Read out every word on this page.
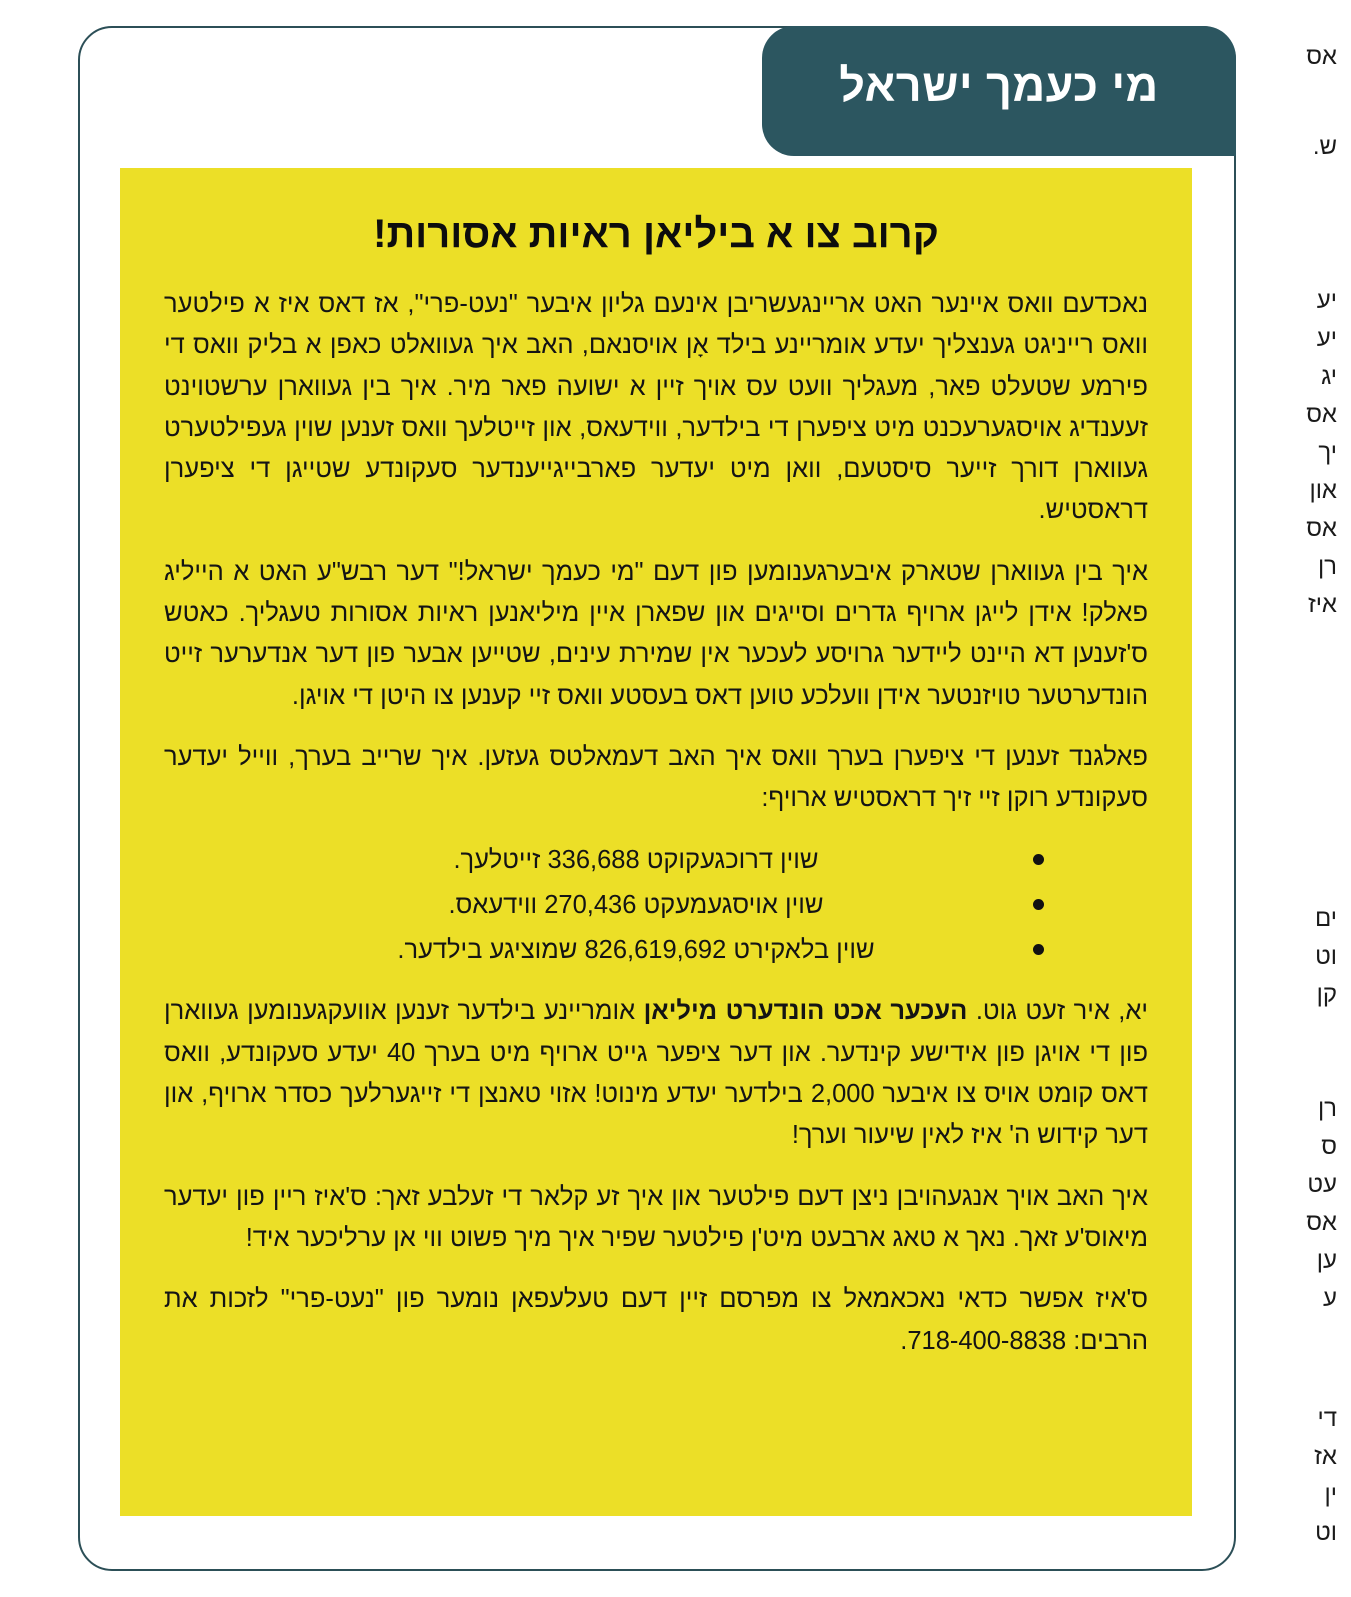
אס
ש.
יע
יע
יג
אס
יך
און
אס
רן
איז
ים
וט
קן
רן
ס
עט
אס
ען
ע
די
אז
ין
וט
מי כעמך ישראל
קרוב צו א ביליאן ראיות אסורות!

נאכדעם וואס איינער האט אריינגעשריבן אינעם גליון איבער "נעט-פרי", אז דאס איז א פילטער וואס רייניגט גענצליך יעדע אומריינע בילד אָן אויסנאם, האב איך געוואלט כאפן א בליק וואס די פירמע שטעלט פאר, מעגליך וועט עס אויך זיין א ישועה פאר מיר. איך בין געווארן ערשטוינט זעענדיג אויסגערעכנט מיט ציפערן די בילדער, ווידעאס, און זייטלעך וואס זענען שוין געפילטערט געווארן דורך זייער סיסטעם, וואן מיט יעדער פארבייגייענדער סעקונדע שטייגן די ציפערן דראסטיש.

איך בין געווארן שטארק איבערגענומען פון דעם "מי כעמך ישראל!" דער רבש"ע האט א הייליג פאלק! אידן לייגן ארויף גדרים וסייגים און שפארן איין מיליאנען ראיות אסורות טעגליך. כאטש ס'זענען דא היינט לײדער גרויסע לעכער אין שמירת עינים, שטײען אבער פון דער אנדערער זייט הונדערטער טויזנטער אידן וועלכע טוען דאס בעסטע וואס זיי קענען צו היטן די אויגן.

פאלגנד זענען די ציפערן בערך וואס איך האב דעמאלטס געזען. איך שרייב בערך, ווייל יעדער סעקונדע רוקן זיי זיך דראסטיש ארויף:

שוין דרוכגעקוקט 336,688 זייטלעך.
שוין אויסגעמעקט 270,436 ווידעאס.
שוין בלאקירט 826,619,692 שמוציגע בילדער.

יא, איר זעט גוט. העכער אכט הונדערט מיליאן אומריינע בילדער זענען אוועקגענומען געווארן פון די אויגן פון אידישע קינדער. און דער ציפער גייט ארויף מיט בערך 40 יעדע סעקונדע, וואס דאס קומט אויס צו איבער 2,000 בילדער יעדע מינוט! אזוי טאנצן די זייגערלעך כסדר ארויף, און דער קידוש ה' איז לאין שיעור וערך!

איך האב אויך אנגעהויבן ניצן דעם פילטער און איך זע קלאר די זעלבע זאך: ס'איז ריין פון יעדער מיאוס'ע זאך. נאך א טאג ארבעט מיט'ן פילטער שפיר איך מיך פשוט ווי אן ערליכער איד!

ס'איז אפשר כדאי נאכאמאל צו מפרסם זיין דעם טעלעפאן נומער פון "נעט-פרי" לזכות את הרבים: 718-400-8838.
